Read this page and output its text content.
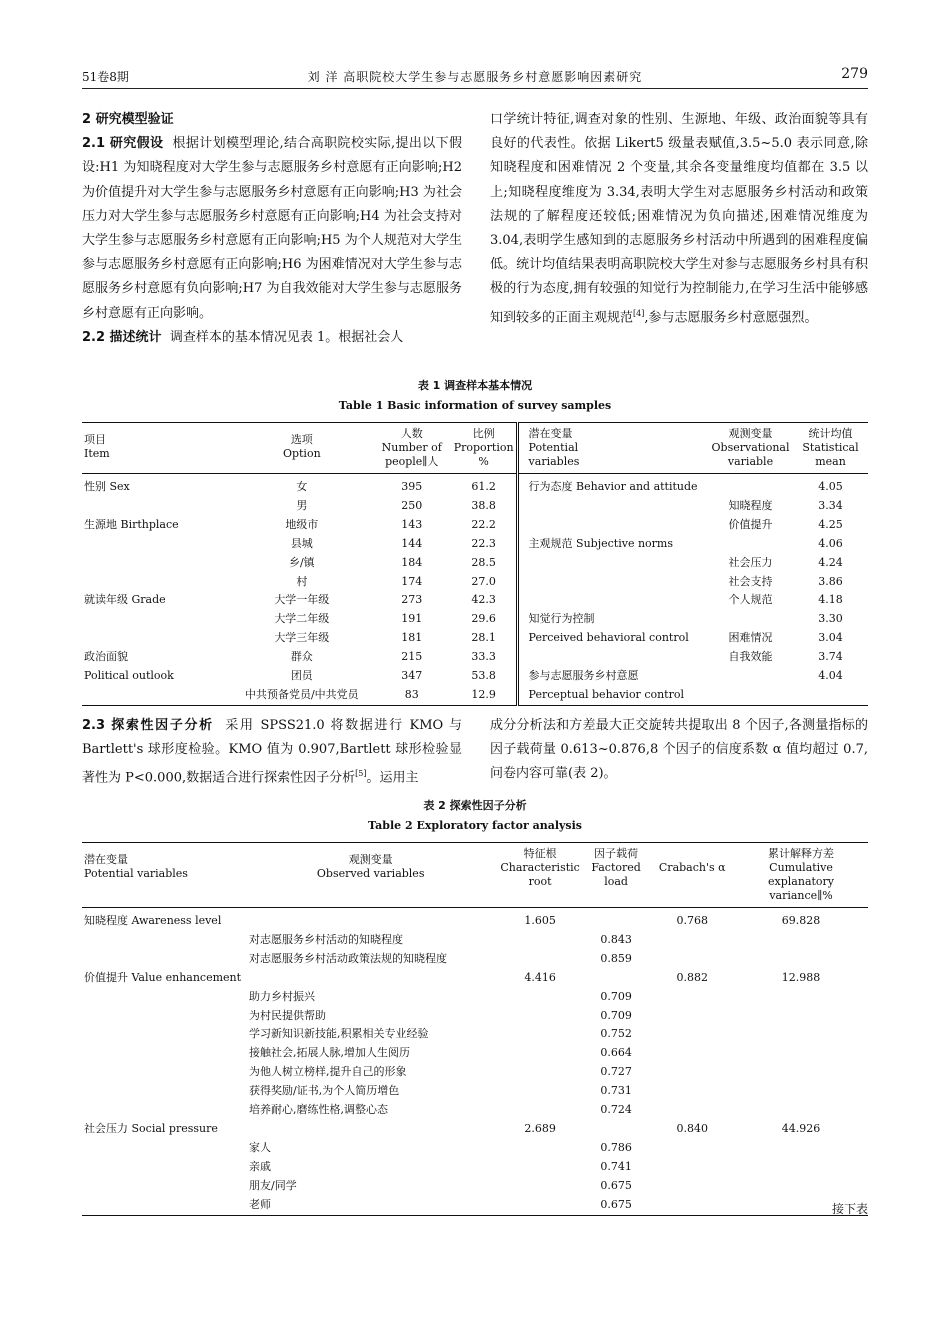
51卷8期	刘 洋 高职院校大学生参与志愿服务乡村意愿影响因素研究	279

2 研究模型验证

2.1 研究假设 根据计划模型理论,结合高职院校实际,提出以下假设:H1 为知晓程度对大学生参与志愿服务乡村意愿有正向影响;H2 为价值提升对大学生参与志愿服务乡村意愿有正向影响;H3 为社会压力对大学生参与志愿服务乡村意愿有正向影响;H4 为社会支持对大学生参与志愿服务乡村意愿有正向影响;H5 为个人规范对大学生参与志愿服务乡村意愿有正向影响;H6 为困难情况对大学生参与志愿服务乡村意愿有负向影响;H7 为自我效能对大学生参与志愿服务乡村意愿有正向影响。

2.2 描述统计 调查样本的基本情况见表 1。根据社会人

口学统计特征,调查对象的性别、生源地、年级、政治面貌等具有良好的代表性。依据 Likert5 级量表赋值,3.5~5.0 表示同意,除知晓程度和困难情况 2 个变量,其余各变量维度均值都在 3.5 以上;知晓程度维度为 3.34,表明大学生对志愿服务乡村活动和政策法规的了解程度还较低;困难情况为负向描述,困难情况维度为 3.04,表明学生感知到的志愿服务乡村活动中所遇到的困难程度偏低。统计均值结果表明高职院校大学生对参与志愿服务乡村具有积极的行为态度,拥有较强的知觉行为控制能力,在学习生活中能够感知到较多的正面主观规范[4],参与志愿服务乡村意愿强烈。

表 1 调查样本基本情况
Table 1 Basic information of survey samples
项目
Item	选项
Option	人数
Number of
people∥人	比例
Proportion
%	潜在变量
Potential
variables	观测变量
Observational
variable	统计均值
Statistical
mean
性别 Sex	女	395	61.2	行为态度 Behavior and attitude		4.05
	男	250	38.8		知晓程度	3.34
生源地 Birthplace	地级市	143	22.2		价值提升	4.25
	县城	144	22.3	主观规范 Subjective norms		4.06
	乡/镇	184	28.5		社会压力	4.24
	村	174	27.0		社会支持	3.86
就读年级 Grade	大学一年级	273	42.3		个人规范	4.18
	大学二年级	191	29.6	知觉行为控制		3.30
	大学三年级	181	28.1	Perceived behavioral control	困难情况	3.04
政治面貌	群众	215	33.3		自我效能	3.74
Political outlook	团员	347	53.8	参与志愿服务乡村意愿		4.04
	中共预备党员/中共党员	83	12.9	Perceptual behavior control		

2.3 探索性因子分析 采用 SPSS21.0 将数据进行 KMO 与 Bartlett's 球形度检验。KMO 值为 0.907,Bartlett 球形检验显著性为 P<0.000,数据适合进行探索性因子分析[5]。运用主

成分分析法和方差最大正交旋转共提取出 8 个因子,各测量指标的因子载荷量 0.613~0.876,8 个因子的信度系数 α 值均超过 0.7,问卷内容可靠(表 2)。

表 2 探索性因子分析
Table 2 Exploratory factor analysis
潜在变量
Potential variables	观测变量
Observed variables	特征根
Characteristic
root	因子载荷
Factored
load	Crabach's α	累计解释方差
Cumulative explanatory
variance∥%
知晓程度 Awareness level		1.605		0.768	69.828
	对志愿服务乡村活动的知晓程度		0.843		
	对志愿服务乡村活动政策法规的知晓程度		0.859		
价值提升 Value enhancement		4.416		0.882	12.988
	助力乡村振兴		0.709		
	为村民提供帮助		0.709		
	学习新知识新技能,积累相关专业经验		0.752		
	接触社会,拓展人脉,增加人生阅历		0.664		
	为他人树立榜样,提升自己的形象		0.727		
	获得奖励/证书,为个人简历增色		0.731		
	培养耐心,磨练性格,调整心态		0.724		
社会压力 Social pressure		2.689		0.840	44.926
	家人		0.786		
	亲戚		0.741		
	朋友/同学		0.675		
	老师		0.675			接下表
